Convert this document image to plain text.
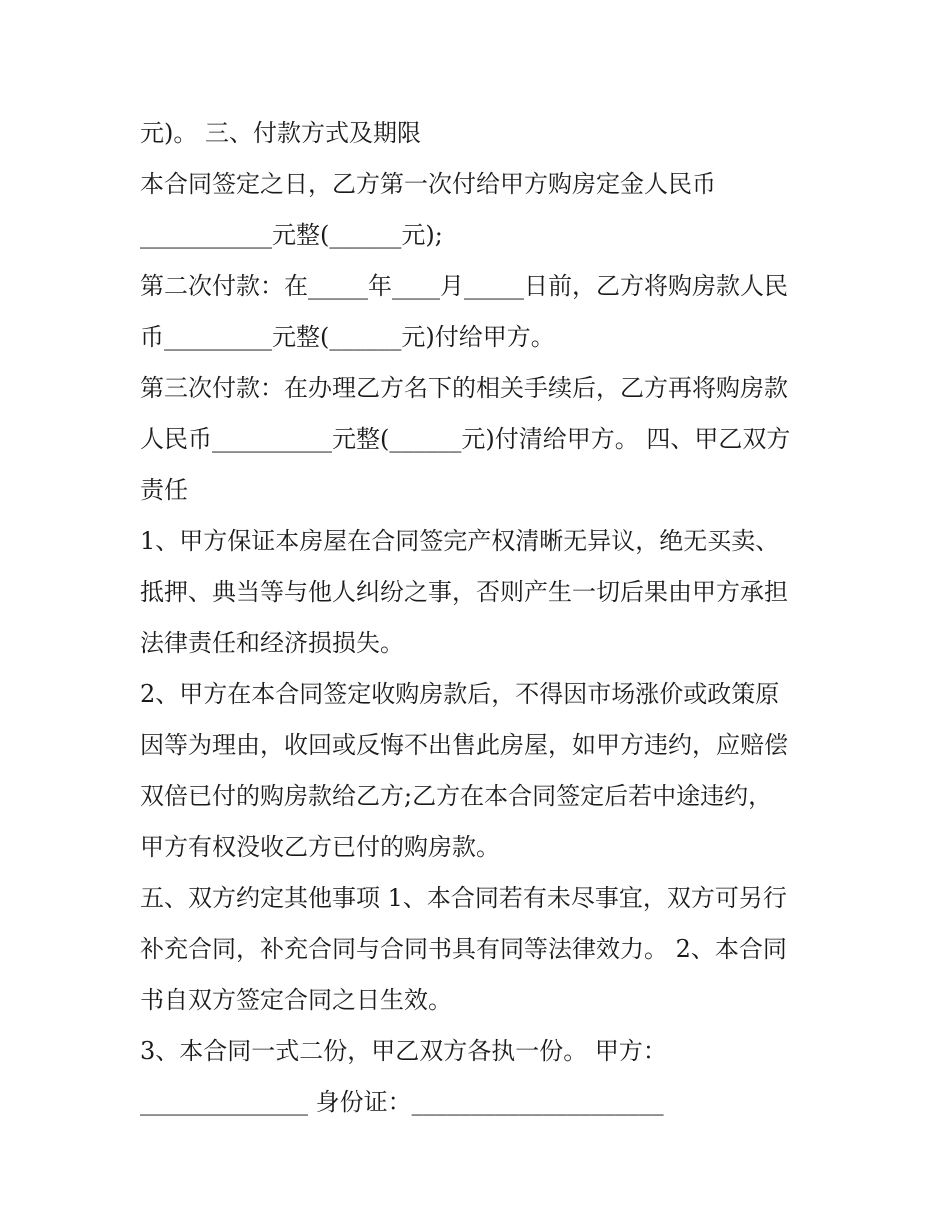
元)。 三、付款方式及期限
本合同签定之日，乙方第一次付给甲方购房定金人民币
___________元整(______元);
第二次付款：在_____年____月_____日前，乙方将购房款人民
币_________元整(______元)付给甲方。
第三次付款：在办理乙方名下的相关手续后，乙方再将购房款
人民币__________元整(______元)付清给甲方。 四、甲乙双方
责任
1、甲方保证本房屋在合同签完产权清晰无异议，绝无买卖、
抵押、典当等与他人纠纷之事，否则产生一切后果由甲方承担
法律责任和经济损损失。
2、甲方在本合同签定收购房款后，不得因市场涨价或政策原
因等为理由，收回或反悔不出售此房屋，如甲方违约，应赔偿
双倍已付的购房款给乙方;乙方在本合同签定后若中途违约，
甲方有权没收乙方已付的购房款。
五、双方约定其他事项 1、本合同若有未尽事宜，双方可另行
补充合同，补充合同与合同书具有同等法律效力。 2、本合同
书自双方签定合同之日生效。
3、本合同一式二份，甲乙双方各执一份。 甲方：
______________ 身份证：_____________________
